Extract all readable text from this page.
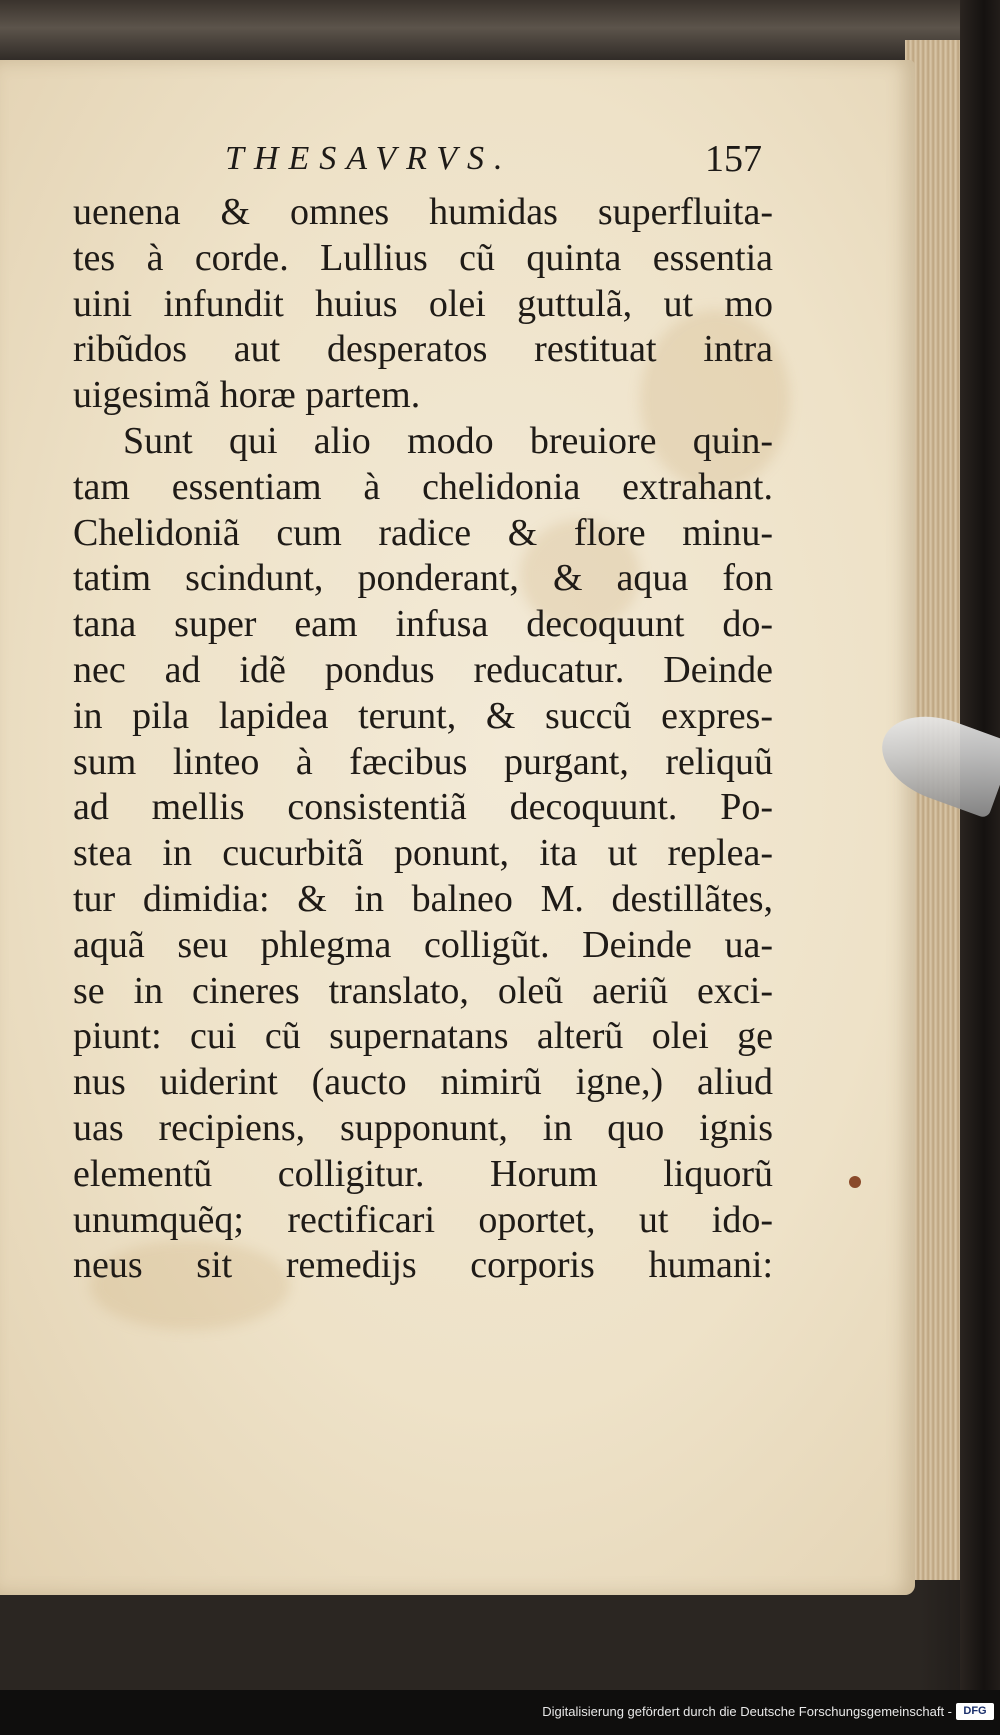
THESAVRVS.	157
uenena & omnes humidas superfluita-
tes à corde. Lullius cũ quinta essentia
uini infundit huius olei guttulã, ut mo
ribũdos aut desperatos restituat intra
uigesimã horæ partem.
Sunt qui alio modo breuiore quin-
tam essentiam à chelidonia extrahant.
Chelidoniã cum radice & flore minu-
tatim scindunt, ponderant, & aqua fon
tana super eam infusa decoquunt do-
nec ad idẽ pondus reducatur. Deinde
in pila lapidea terunt, & succũ expres-
sum linteo à fæcibus purgant, reliquũ
ad mellis consistentiã decoquunt. Po-
stea in cucurbitã ponunt, ita ut replea-
tur dimidia: & in balneo M. destillãtes,
aquã seu phlegma colligũt. Deinde ua-
se in cineres translato, oleũ aeriũ exci-
piunt: cui cũ supernatans alterũ olei ge
nus uiderint (aucto nimirũ igne,) aliud
uas recipiens, supponunt, in quo ignis
elementũ colligitur. Horum liquorũ
unumquẽq; rectificari oportet, ut ido-
neus sit remedijs corporis humani:
Digitalisierung gefördert durch die Deutsche Forschungsgemeinschaft -	DFG
